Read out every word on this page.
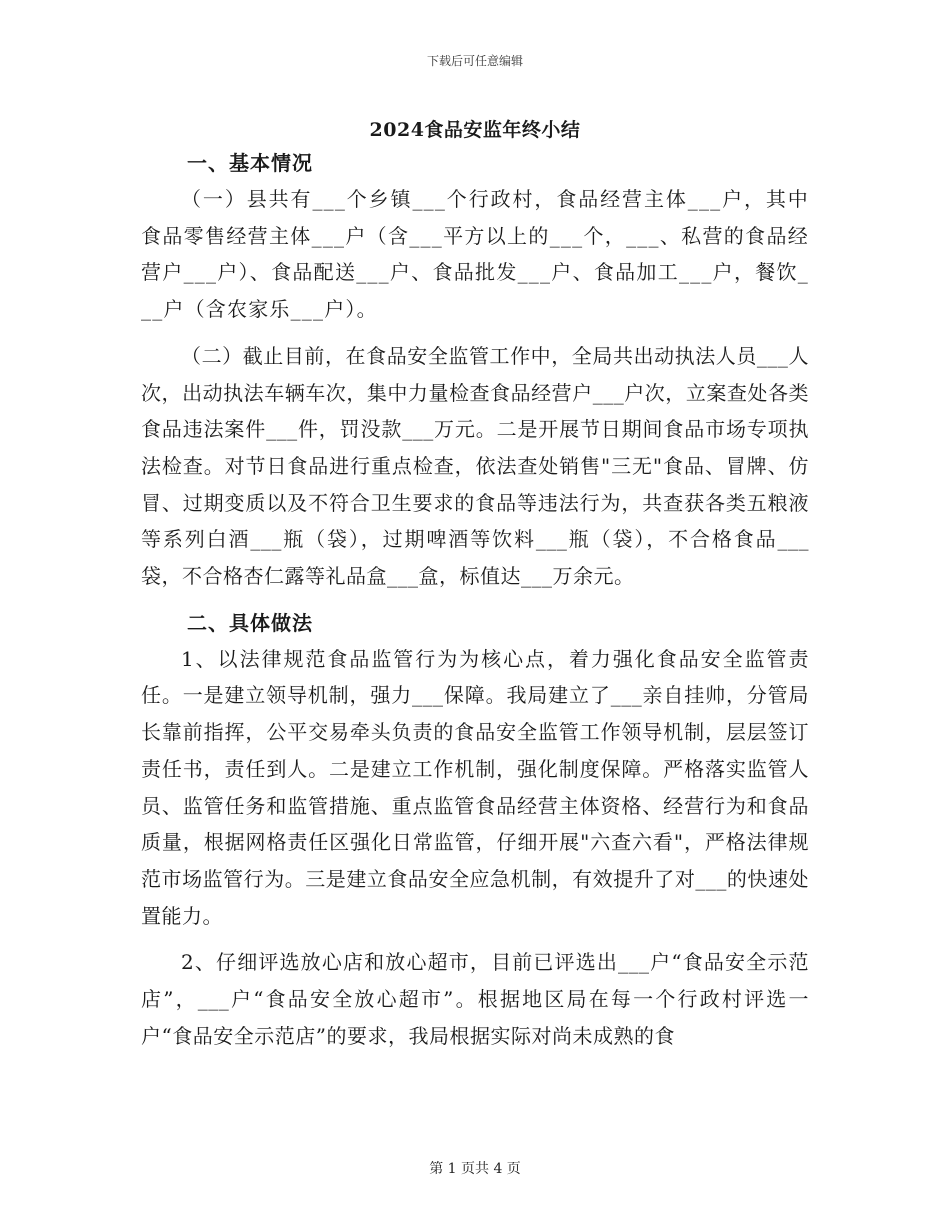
下载后可任意编辑
2024食品安监年终小结
一、基本情况

（一）县共有___个乡镇___个行政村，食品经营主体___户，其中食品零售经营主体___户（含___平方以上的___个，___、私营的食品经营户___户）、食品配送___户、食品批发___户、食品加工___户，餐饮___户（含农家乐___户）。

（二）截止目前，在食品安全监管工作中，全局共出动执法人员___人次，出动执法车辆车次，集中力量检查食品经营户___户次，立案查处各类食品违法案件___件，罚没款___万元。二是开展节日期间食品市场专项执法检查。对节日食品进行重点检查，依法查处销售"三无"食品、冒牌、仿冒、过期变质以及不符合卫生要求的食品等违法行为，共查获各类五粮液等系列白酒___瓶（袋），过期啤酒等饮料___瓶（袋），不合格食品___袋，不合格杏仁露等礼品盒___盒，标值达___万余元。

二、具体做法

1、以法律规范食品监管行为为核心点，着力强化食品安全监管责任。一是建立领导机制，强力___保障。我局建立了___亲自挂帅，分管局长靠前指挥，公平交易牵头负责的食品安全监管工作领导机制，层层签订责任书，责任到人。二是建立工作机制，强化制度保障。严格落实监管人员、监管任务和监管措施、重点监管食品经营主体资格、经营行为和食品质量，根据网格责任区强化日常监管，仔细开展"六查六看"，严格法律规范市场监管行为。三是建立食品安全应急机制，有效提升了对___的快速处置能力。

2、仔细评选放心店和放心超市，目前已评选出___户“食品安全示范店”，___户“食品安全放心超市”。根据地区局在每一个行政村评选一户“食品安全示范店”的要求，我局根据实际对尚未成熟的食

第 1 页共 4 页
